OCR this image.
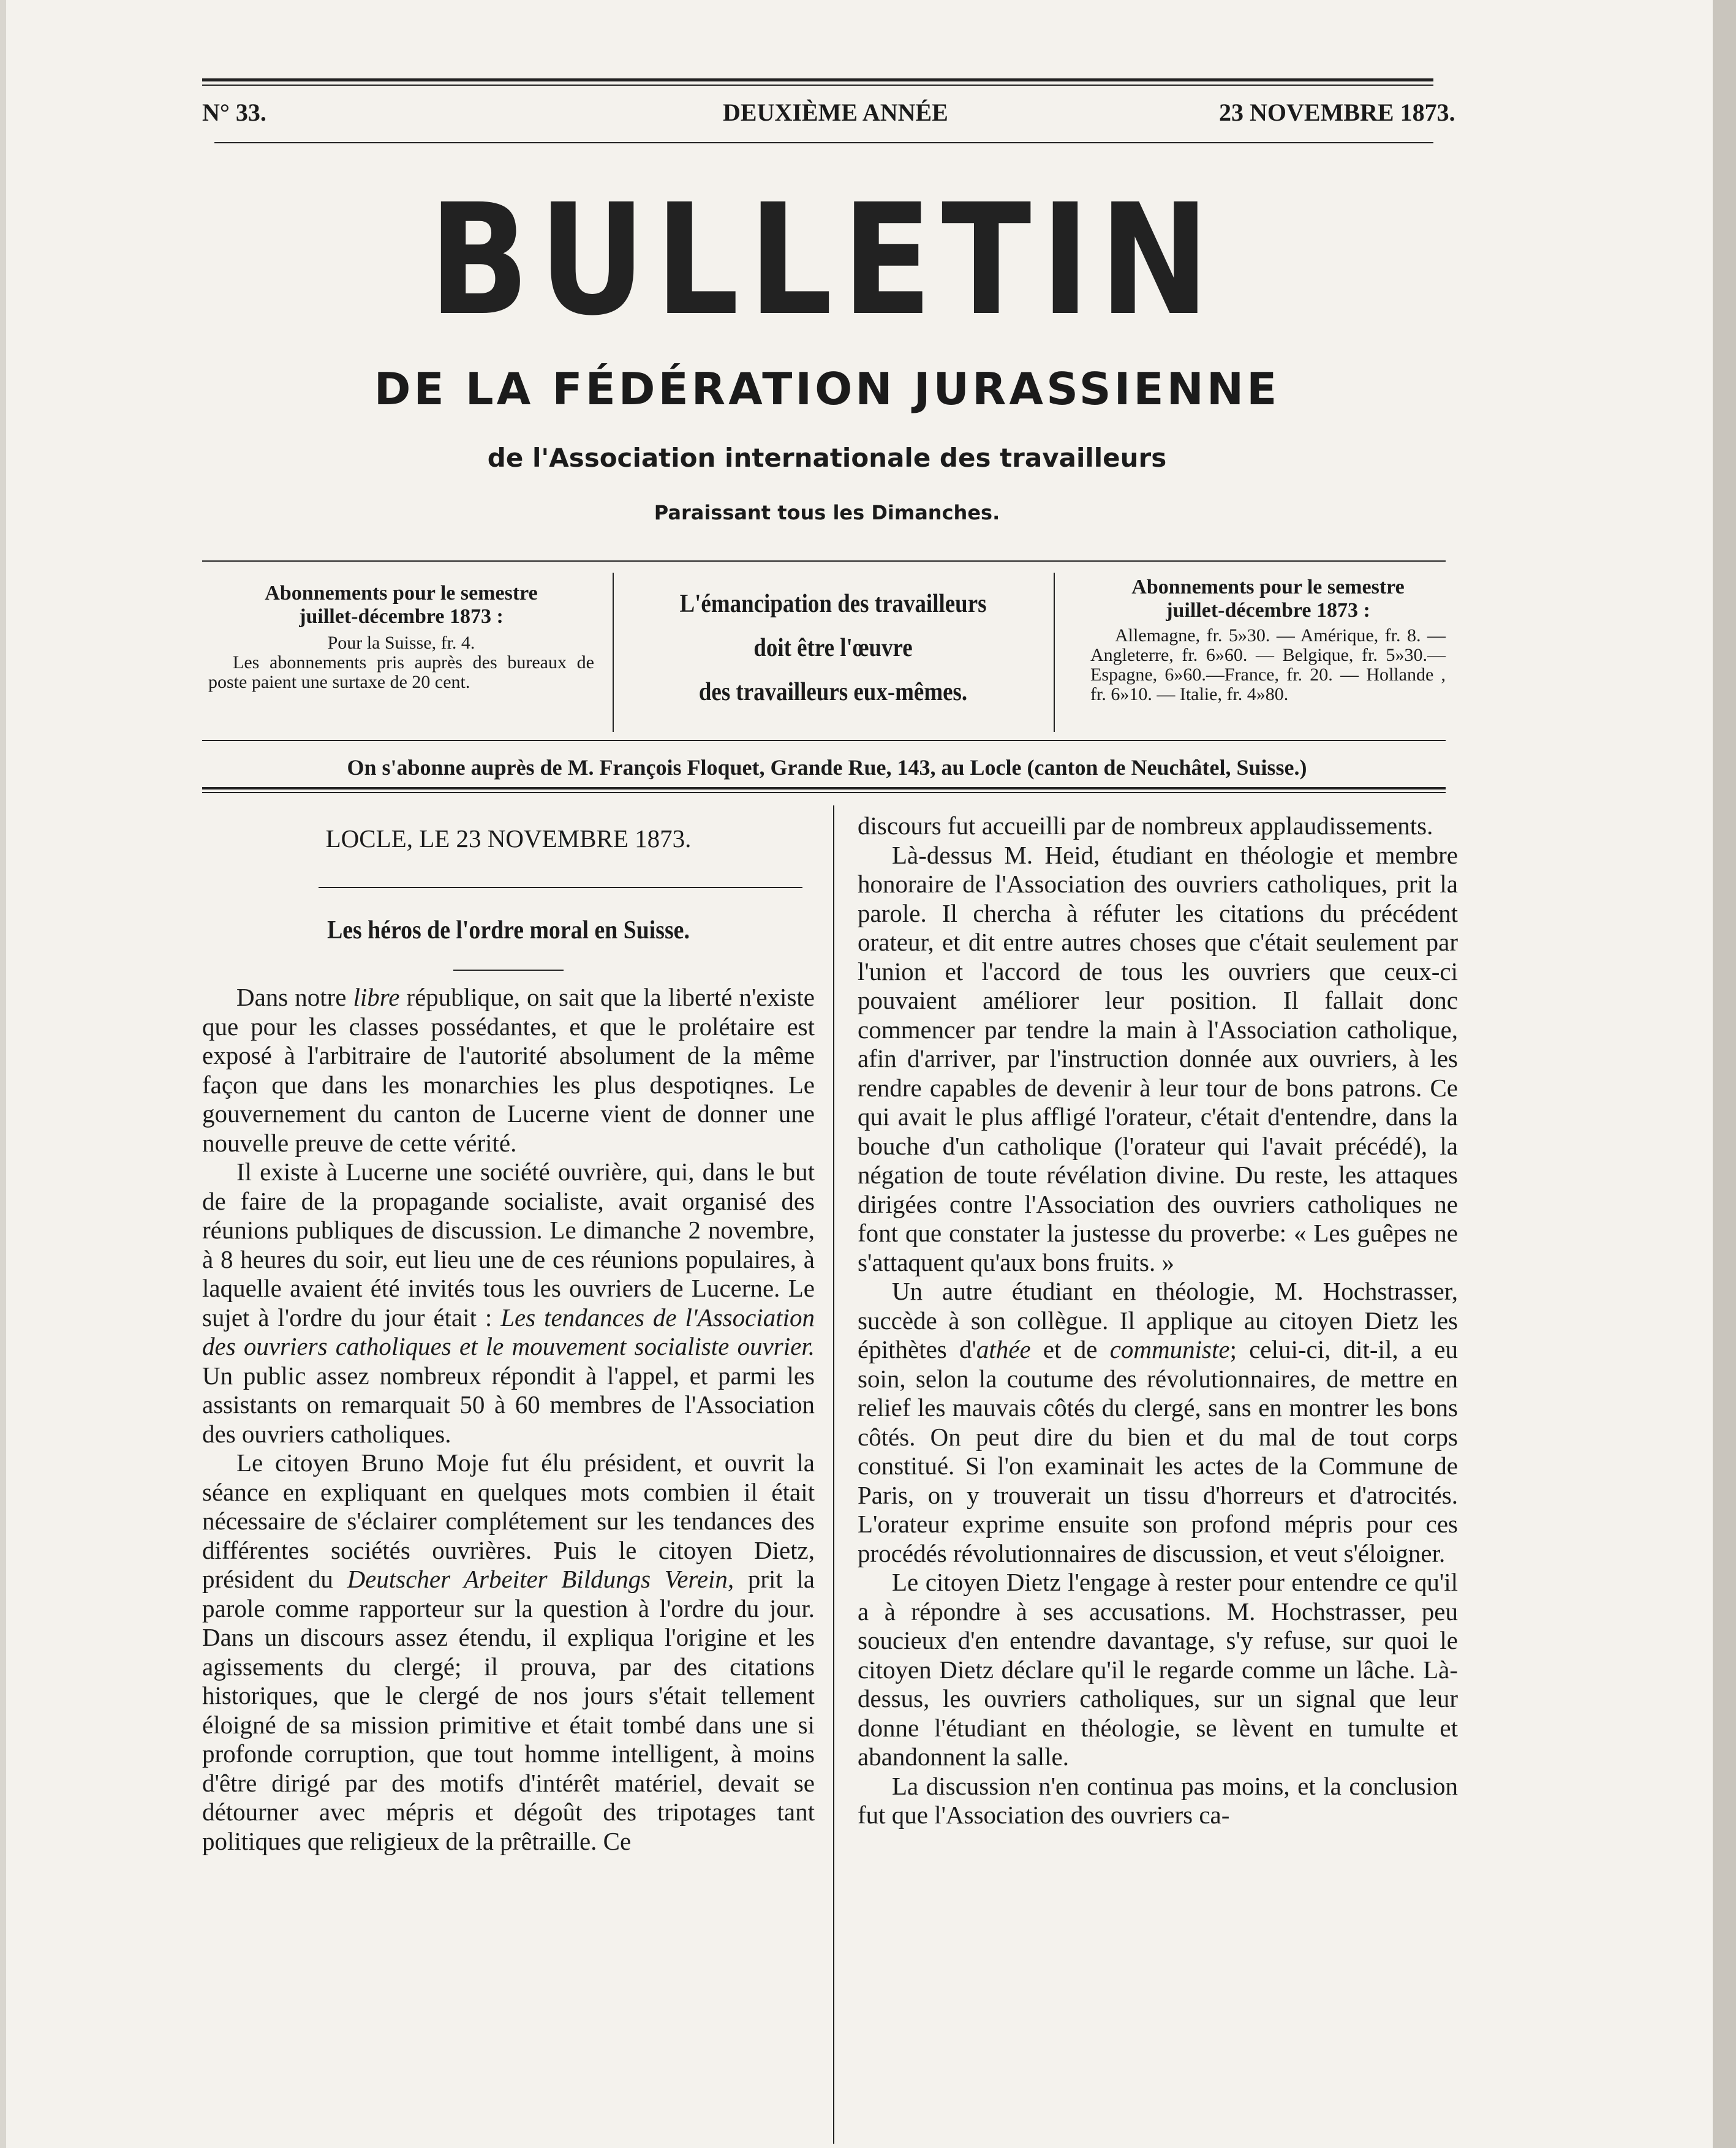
N° 33.	DEUXIÈME ANNÉE	23 NOVEMBRE 1873.
BULLETIN
DE LA FÉDÉRATION JURASSIENNE
de l'Association internationale des travailleurs
Paraissant tous les Dimanches.
Abonnements pour le semestre
juillet-décembre 1873 :
Pour la Suisse, fr. 4.
Les abonnements pris auprès des bureaux de poste paient une surtaxe de 20 cent.
L'émancipation des travailleurs
doit être l'œuvre
des travailleurs eux-mêmes.
Abonnements pour le semestre
juillet-décembre 1873 :
Allemagne, fr. 5»30. — Amérique, fr. 8. — Angleterre, fr. 6»60. — Belgique, fr. 5»30.—Espagne, 6»60.—France, fr. 20. — Hollande , fr. 6»10. — Italie, fr. 4»80.
On s'abonne auprès de M. François Floquet, Grande Rue, 143, au Locle (canton de Neuchâtel, Suisse.)
LOCLE, LE 23 NOVEMBRE 1873.
Les héros de l'ordre moral en Suisse.

Dans notre libre république, on sait que la liberté n'existe que pour les classes possédantes, et que le prolétaire est exposé à l'arbitraire de l'autorité absolument de la même façon que dans les monarchies les plus despotiqnes. Le gouvernement du canton de Lucerne vient de donner une nouvelle preuve de cette vérité.

Il existe à Lucerne une société ouvrière, qui, dans le but de faire de la propagande socialiste, avait organisé des réunions publiques de discussion. Le dimanche 2 novembre, à 8 heures du soir, eut lieu une de ces réunions populaires, à laquelle avaient été invités tous les ouvriers de Lucerne. Le sujet à l'ordre du jour était : Les tendances de l'Association des ouvriers catholiques et le mouvement socialiste ouvrier. Un public assez nombreux répondit à l'appel, et parmi les assistants on remarquait 50 à 60 membres de l'Association des ouvriers catholiques.

Le citoyen Bruno Moje fut élu président, et ouvrit la séance en expliquant en quelques mots combien il était nécessaire de s'éclairer complétement sur les tendances des différentes sociétés ouvrières. Puis le citoyen Dietz, président du Deutscher Arbeiter Bildungs Verein, prit la parole comme rapporteur sur la question à l'ordre du jour. Dans un discours assez étendu, il expliqua l'origine et les agissements du clergé; il prouva, par des citations historiques, que le clergé de nos jours s'était tellement éloigné de sa mission primitive et était tombé dans une si profonde corruption, que tout homme intelligent, à moins d'être dirigé par des motifs d'intérêt matériel, devait se détourner avec mépris et dégoût des tripotages tant politiques que religieux de la prêtraille. Ce

discours fut accueilli par de nombreux applaudissements.

Là-dessus M. Heid, étudiant en théologie et membre honoraire de l'Association des ouvriers catholiques, prit la parole. Il chercha à réfuter les citations du précédent orateur, et dit entre autres choses que c'était seulement par l'union et l'accord de tous les ouvriers que ceux-ci pouvaient améliorer leur position. Il fallait donc commencer par tendre la main à l'Association catholique, afin d'arriver, par l'instruction donnée aux ouvriers, à les rendre capables de devenir à leur tour de bons patrons. Ce qui avait le plus affligé l'orateur, c'était d'entendre, dans la bouche d'un catholique (l'orateur qui l'avait précédé), la négation de toute révélation divine. Du reste, les attaques dirigées contre l'Association des ouvriers catholiques ne font que constater la justesse du proverbe: « Les guêpes ne s'attaquent qu'aux bons fruits. »

Un autre étudiant en théologie, M. Hochstrasser, succède à son collègue. Il applique au citoyen Dietz les épithètes d'athée et de communiste; celui-ci, dit-il, a eu soin, selon la coutume des révolutionnaires, de mettre en relief les mauvais côtés du clergé, sans en montrer les bons côtés. On peut dire du bien et du mal de tout corps constitué. Si l'on examinait les actes de la Commune de Paris, on y trouverait un tissu d'horreurs et d'atrocités. L'orateur exprime ensuite son profond mépris pour ces procédés révolutionnaires de discussion, et veut s'éloigner.

Le citoyen Dietz l'engage à rester pour entendre ce qu'il a à répondre à ses accusations. M. Hochstrasser, peu soucieux d'en entendre davantage, s'y refuse, sur quoi le citoyen Dietz déclare qu'il le regarde comme un lâche. Là-dessus, les ouvriers catholiques, sur un signal que leur donne l'étudiant en théologie, se lèvent en tumulte et abandonnent la salle.

La discussion n'en continua pas moins, et la conclusion fut que l'Association des ouvriers ca-
